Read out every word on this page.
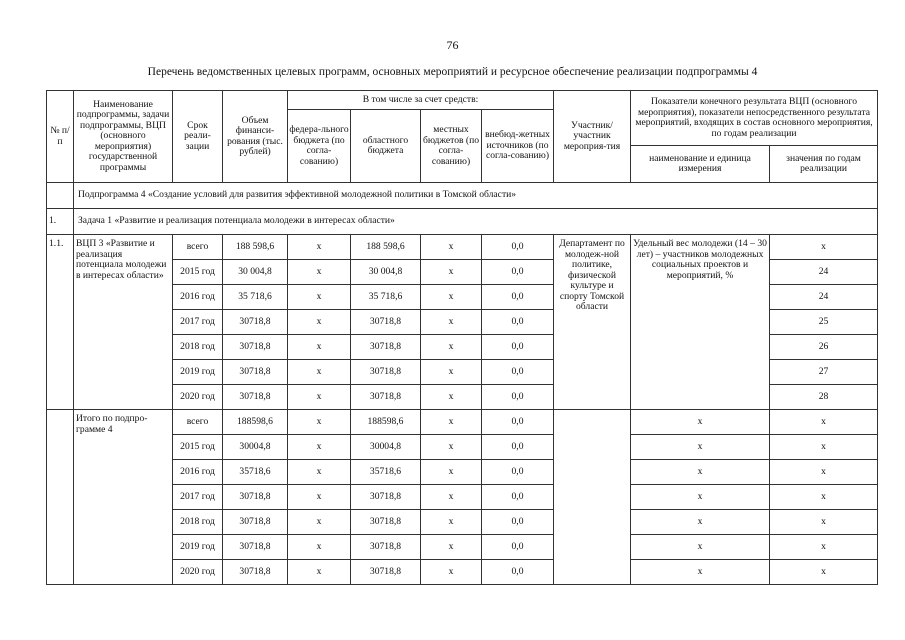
76
Перечень ведомственных целевых программ, основных мероприятий и ресурсное обеспечение реализации подпрограммы 4
№ п/п	Наименование подпрограммы, задачи подпрограммы, ВЦП (основного мероприятия) государственной программы	Срок реали-зации	Объем финанси-рования (тыс. рублей)	В том числе за счет средств:				Участник/ участник мероприя-тия	Показатели конечного результата ВЦП (основного мероприятия), показатели непосредственного результата мероприятий, входящих в состав основного мероприятия, по годам реализации	
				федера-льного бюджета (по согла-сованию)	областного бюджета	местных бюджетов (по согла-сованию)	внебюд-жетных источников (по согла-сованию)			
									наименование и единица измерения	значения по годам реализации
	Подпрограмма 4 «Создание условий для развития эффективной молодежной политики в Томской области»									
1.	Задача 1 «Развитие и реализация потенциала молодежи в интересах области»									
1.1.	ВЦП 3 «Развитие и реализация потенциала молодежи в интересах области»	всего	188 598,6	x	188 598,6	x	0,0	Департамент по молодеж-ной политике, физической культуре и спорту Томской области	Удельный вес молодежи (14 – 30 лет) – участников молодежных социальных проектов и мероприятий, %	x
		2015 год	30 004,8	x	30 004,8	x	0,0			24
		2016 год	35 718,6	x	35 718,6	x	0,0			24
		2017 год	30718,8	x	30718,8	x	0,0			25
		2018 год	30718,8	x	30718,8	x	0,0			26
		2019 год	30718,8	x	30718,8	x	0,0			27
		2020 год	30718,8	x	30718,8	x	0,0			28
	Итого по подпро-грамме 4	всего	188598,6	x	188598,6	x	0,0		x	x
		2015 год	30004,8	x	30004,8	x	0,0		x	x
		2016 год	35718,6	x	35718,6	x	0,0		x	x
		2017 год	30718,8	x	30718,8	x	0,0		x	x
		2018 год	30718,8	x	30718,8	x	0,0		x	x
		2019 год	30718,8	x	30718,8	x	0,0		x	x
		2020 год	30718,8	x	30718,8	x	0,0		x	x
